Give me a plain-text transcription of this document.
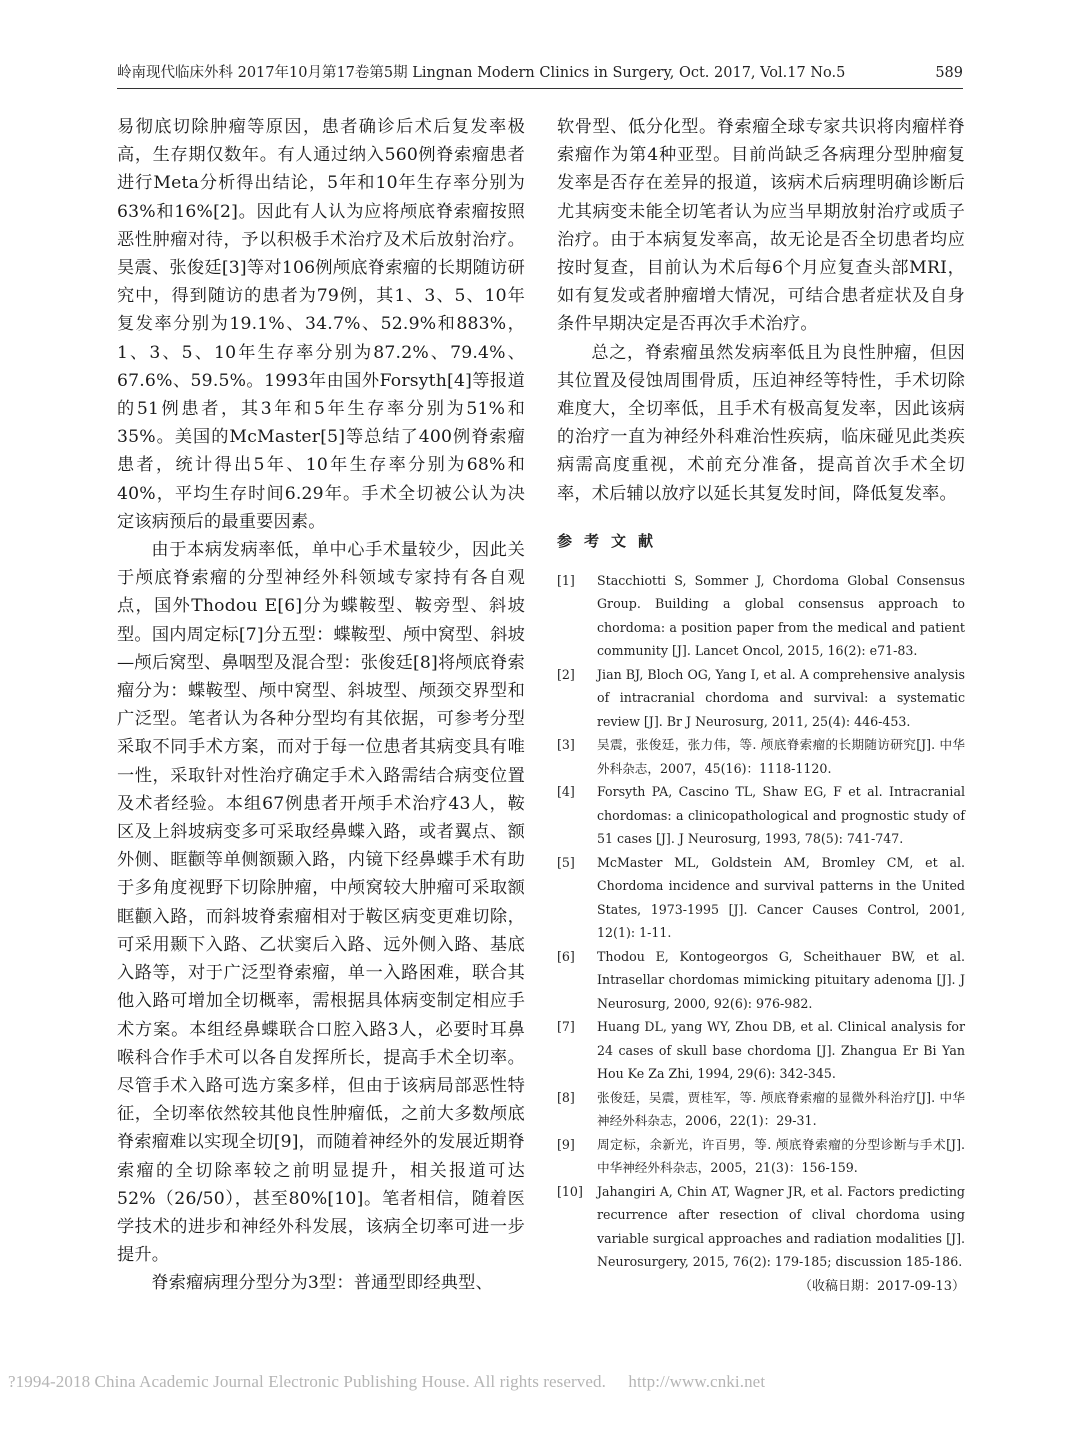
岭南现代临床外科 2017年10月第17卷第5期 Lingnan Modern Clinics in Surgery, Oct. 2017, Vol.17 No.5	589

易彻底切除肿瘤等原因，患者确诊后术后复发率极高，生存期仅数年。有人通过纳入560例脊索瘤患者进行Meta分析得出结论，5年和10年生存率分别为63%和16%[2]。因此有人认为应将颅底脊索瘤按照恶性肿瘤对待，予以积极手术治疗及术后放射治疗。昊震、张俊廷[3]等对106例颅底脊索瘤的长期随访研究中，得到随访的患者为79例，其1、3、5、10年复发率分别为19.1%、34.7%、52.9%和883%，1、3、5、10年生存率分别为87.2%、79.4%、67.6%、59.5%。1993年由国外Forsyth[4]等报道的51例患者，其3年和5年生存率分别为51%和35%。美国的McMaster[5]等总结了400例脊索瘤患者，统计得出5年、10年生存率分别为68%和40%，平均生存时间6.29年。手术全切被公认为决定该病预后的最重要因素。

由于本病发病率低，单中心手术量较少，因此关于颅底脊索瘤的分型神经外科领域专家持有各自观点，国外Thodou E[6]分为蝶鞍型、鞍旁型、斜坡型。国内周定标[7]分五型：蝶鞍型、颅中窝型、斜坡—颅后窝型、鼻咽型及混合型：张俊廷[8]将颅底脊索瘤分为：蝶鞍型、颅中窝型、斜坡型、颅颈交界型和广泛型。笔者认为各种分型均有其依据，可参考分型采取不同手术方案，而对于每一位患者其病变具有唯一性，采取针对性治疗确定手术入路需结合病变位置及术者经验。本组67例患者开颅手术治疗43人，鞍区及上斜坡病变多可采取经鼻蝶入路，或者翼点、额外侧、眶颧等单侧额颞入路，内镜下经鼻蝶手术有助于多角度视野下切除肿瘤，中颅窝较大肿瘤可采取额眶颧入路，而斜坡脊索瘤相对于鞍区病变更难切除，可采用颞下入路、乙状窦后入路、远外侧入路、基底入路等，对于广泛型脊索瘤，单一入路困难，联合其他入路可增加全切概率，需根据具体病变制定相应手术方案。本组经鼻蝶联合口腔入路3人，必要时耳鼻喉科合作手术可以各自发挥所长，提高手术全切率。尽管手术入路可选方案多样，但由于该病局部恶性特征，全切率依然较其他良性肿瘤低，之前大多数颅底脊索瘤难以实现全切[9]，而随着神经外的发展近期脊索瘤的全切除率较之前明显提升，相关报道可达52%（26/50），甚至80%[10]。笔者相信，随着医学技术的进步和神经外科发展，该病全切率可进一步提升。

脊索瘤病理分型分为3型：普通型即经典型、

软骨型、低分化型。脊索瘤全球专家共识将肉瘤样脊索瘤作为第4种亚型。目前尚缺乏各病理分型肿瘤复发率是否存在差异的报道，该病术后病理明确诊断后尤其病变未能全切笔者认为应当早期放射治疗或质子治疗。由于本病复发率高，故无论是否全切患者均应按时复查，目前认为术后每6个月应复查头部MRI，如有复发或者肿瘤增大情况，可结合患者症状及自身条件早期决定是否再次手术治疗。

总之，脊索瘤虽然发病率低且为良性肿瘤，但因其位置及侵蚀周围骨质，压迫神经等特性，手术切除难度大，全切率低，且手术有极高复发率，因此该病的治疗一直为神经外科难治性疾病，临床碰见此类疾病需高度重视，术前充分准备，提高首次手术全切率，术后辅以放疗以延长其复发时间，降低复发率。

参考文献
[1]	Stacchiotti S, Sommer J, Chordoma Global Consensus Group. Building a global consensus approach to chordoma: a position paper from the medical and patient community [J]. Lancet Oncol, 2015, 16(2): e71-83.
[2]	Jian BJ, Bloch OG, Yang I, et al. A comprehensive analysis of intracranial chordoma and survival: a systematic review [J]. Br J Neurosurg, 2011, 25(4): 446-453.
[3]	吴震，张俊廷，张力伟，等. 颅底脊索瘤的长期随访研究[J]. 中华外科杂志，2007，45(16)：1118-1120.
[4]	Forsyth PA, Cascino TL, Shaw EG, F et al. Intracranial chordomas: a clinicopathological and prognostic study of 51 cases [J]. J Neurosurg, 1993, 78(5): 741-747.
[5]	McMaster ML, Goldstein AM, Bromley CM, et al. Chordoma incidence and survival patterns in the United States, 1973-1995 [J]. Cancer Causes Control, 2001, 12(1): 1-11.
[6]	Thodou E, Kontogeorgos G, Scheithauer BW, et al. Intrasellar chordomas mimicking pituitary adenoma [J]. J Neurosurg, 2000, 92(6): 976-982.
[7]	Huang DL, yang WY, Zhou DB, et al. Clinical analysis for 24 cases of skull base chordoma [J]. Zhangua Er Bi Yan Hou Ke Za Zhi, 1994, 29(6): 342-345.
[8]	张俊廷，吴震，贾桂军，等. 颅底脊索瘤的显微外科治疗[J]. 中华神经外科杂志，2006，22(1)：29-31.
[9]	周定标，余新光，许百男，等. 颅底脊索瘤的分型诊断与手术[J]. 中华神经外科杂志，2005，21(3)：156-159.
[10]	Jahangiri A, Chin AT, Wagner JR, et al. Factors predicting recurrence after resection of clival chordoma using variable surgical approaches and radiation modalities [J]. Neurosurgery, 2015, 76(2): 179-185; discussion 185-186.
（收稿日期：2017-09-13）
?1994-2018 China Academic Journal Electronic Publishing House. All rights reserved. http://www.cnki.net
